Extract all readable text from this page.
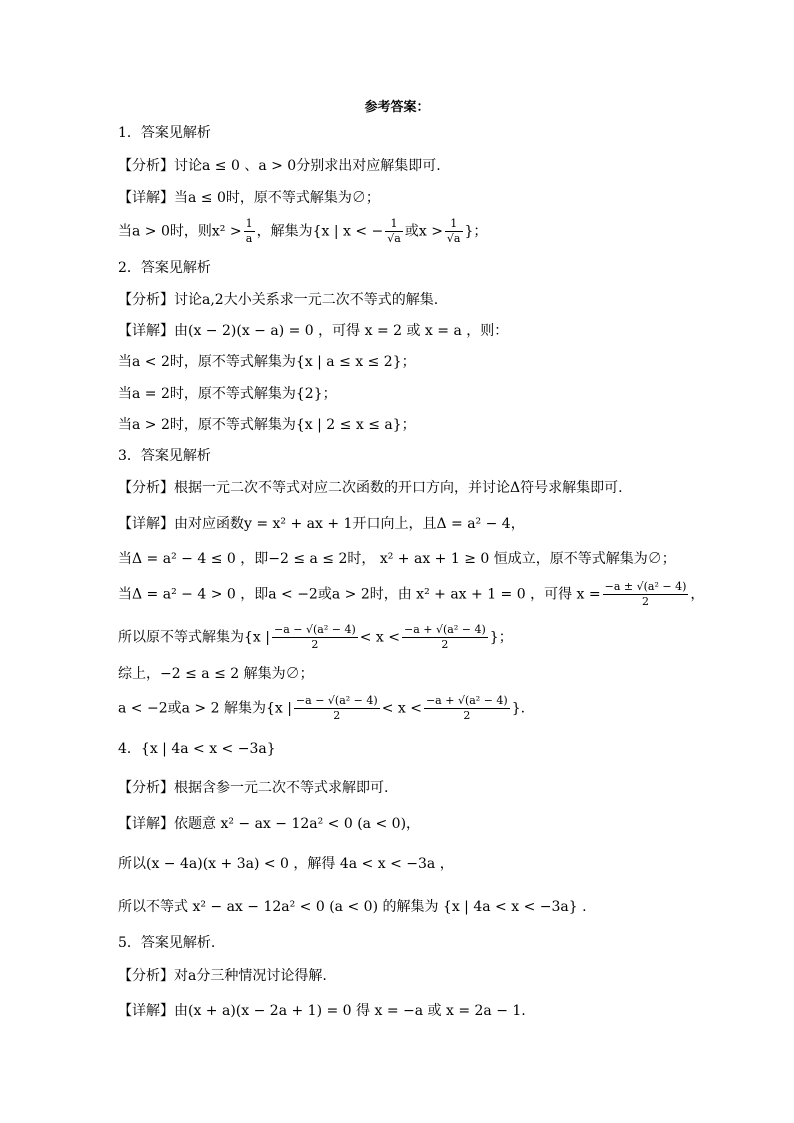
参考答案：
1．答案见解析
【分析】讨论a ≤ 0 、a > 0分别求出对应解集即可.
【详解】当a ≤ 0时，原不等式解集为∅；
当a > 0时，则$x^2 > \frac{1}{a}$ ，解集为{x | x < − $\frac{1}{√a}$ 或$x > \frac{1}{√a}$ }；
2．答案见解析
【分析】讨论a,2大小关系求一元二次不等式的解集.
【详解】由(x − 2)(x − a) = 0 ，可得 x = 2 或 x = a ，则：
当a < 2时，原不等式解集为{x | a ≤ x ≤ 2}；
当a = 2时，原不等式解集为{2}；
当a > 2时，原不等式解集为{x | 2 ≤ x ≤ a}；
3．答案见解析
【分析】根据一元二次不等式对应二次函数的开口方向，并讨论Δ符号求解集即可.
【详解】由对应函数y = x² + ax + 1开口向上，且Δ = a² − 4，
当Δ = a² − 4 ≤ 0 ，即−2 ≤ a ≤ 2时， x² + ax + 1 ≥ 0 恒成立，原不等式解集为∅；
当Δ = a² − 4 > 0 ，即a < −2或a > 2时，由 x² + ax + 1 = 0 ，可得 $x = \frac{\text{−a ± √(a² − 4)}}{2}$ ，
所以原不等式解集为{x | $\frac{\text{−a − √(a² − 4)}}{2} < x < \frac{\text{−a + √(a² − 4)}}{2}$ }；
综上，−2 ≤ a ≤ 2 解集为∅；
a < −2或a > 2 解集为{x | $\frac{\text{−a − √(a² − 4)}}{2} < x < \frac{\text{−a + √(a² − 4)}}{2}$ }.
4．{x | 4a < x < −3a}
【分析】根据含参一元二次不等式求解即可.
【详解】依题意 x² − ax − 12a² < 0 (a < 0)，
所以(x − 4a)(x + 3a) < 0 ，解得 4a < x < −3a ，
所以不等式 x² − ax − 12a² < 0 (a < 0) 的解集为 {x | 4a < x < −3a} .
5．答案见解析.
【分析】对a分三种情况讨论得解.
【详解】由(x + a)(x − 2a + 1) = 0 得 x = −a 或 x = 2a − 1.
